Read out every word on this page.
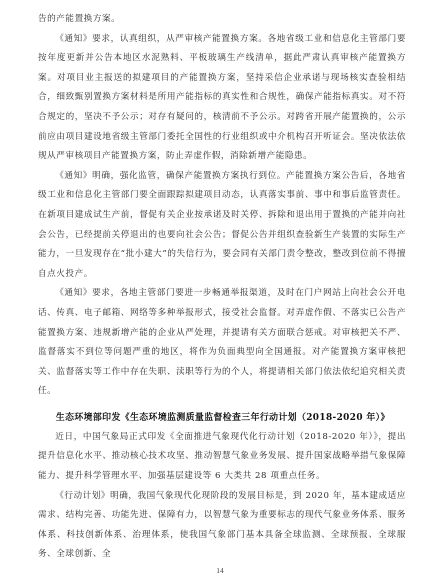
告的产能置换方案。

《通知》要求，认真组织，从严审核产能置换方案。各地省级工业和信息化主管部门要按年度更新并公告本地区水泥熟料、平板玻璃生产线清单，据此严肃认真审核产能置换方案。对项目业主报送的拟建项目的产能置换方案，坚持采信企业承诺与现场核实查验相结合，细致甄别置换方案材料是所用产能指标的真实性和合规性，确保产能指标真实。对不符合规定的，坚决不予公示；对存有疑问的，核清前不予公示。对跨省开展产能置换的，公示前应由项目建设地省级主管部门委托全国性的行业组织或中介机构召开听证会。坚决依法依规从严审核项目产能置换方案，防止弄虚作假，消除新增产能隐患。

《通知》明确，强化监管，确保产能置换方案执行到位。产能置换方案公告后，各地省级工业和信息化主管部门要全面跟踪拟建项目动态，认真落实事前、事中和事后监管责任。在新项目建成试生产前，督促有关企业按承诺及时关停、拆除和退出用于置换的产能并向社会公告，已经提前关停退出的也要向社会公告；督促公告并组织查验新生产装置的实际生产能力，一旦发现存在“批小建大”的失信行为，要会同有关部门责令整改，整改到位前不得擅自点火投产。

《通知》要求，各地主管部门要进一步畅通举报渠道，及时在门户网站上向社会公开电话、传真、电子邮箱、网络等多种举报形式，接受社会监督。对弄虚作假、不落实已公告产能置换方案、违规新增产能的企业从严处理，并提请有关方面联合惩戒。对审核把关不严、监督落实不到位等问题严重的地区，将作为负面典型向全国通报。对产能置换方案审核把关、监督落实等工作中存在失职、渎职等行为的个人，将提请相关部门依法依纪追究相关责任。

生态环境部印发《生态环境监测质量监督检查三年行动计划（2018-2020 年）》

近日，中国气象局正式印发《全面推进气象现代化行动计划（2018-2020 年）》，提出提升信息化水平、推动核心技术攻坚、推动智慧气象业务发展、提升国家战略举措气象保障能力、提升科学管理水平、加强基层建设等 6 大类共 28 项重点任务。

《行动计划》明确，我国气象现代化现阶段的发展目标是，到 2020 年，基本建成适应需求、结构完善、功能先进、保障有力，以智慧气象为重要标志的现代气象业务体系、服务体系、科技创新体系、治理体系，使我国气象部门基本具备全球监测、全球预报、全球服务、全球创新、全

14
